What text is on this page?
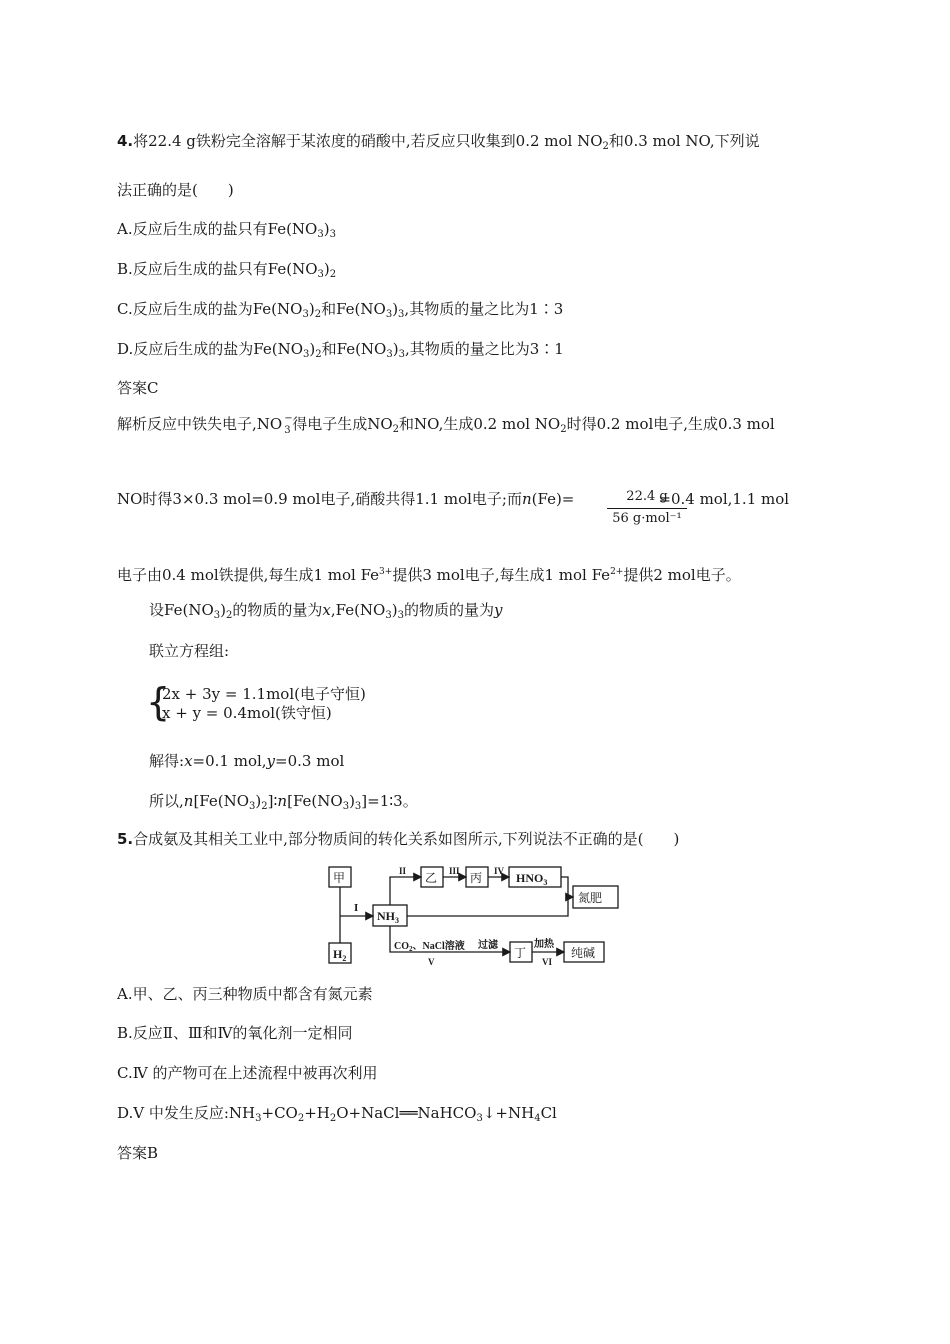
4.将22.4 g铁粉完全溶解于某浓度的硝酸中,若反应只收集到0.2 mol $NO_2$和0.3 mol NO,下列说
法正确的是(　　)
A.反应后生成的盐只有$Fe(NO_3)_3$
B.反应后生成的盐只有$Fe(NO_3)_2$
C.反应后生成的盐为$Fe(NO_3)_2$和$Fe(NO_3)_3$,其物质的量之比为1∶3
D.反应后生成的盐为$Fe(NO_3)_2$和$Fe(NO_3)_3$,其物质的量之比为3∶1
答案C
解析反应中铁失电子,NO −
3 得电子生成$NO_2$和NO,生成0.2 mol $NO_2$时得0.2 mol电子,生成0.3 mol
NO时得3×0.3 mol=0.9 mol电子,硝酸共得1.1 mol电子;而n(Fe)=	=0.4 mol,1.1 mol
22.4 g
56 g·mol⁻¹
电子由0.4 mol铁提供,每生成1 mol $Fe^{3+}$提供3 mol电子,每生成1 mol $Fe^{2+}$提供2 mol电子。
设$Fe(NO_3)_2$的物质的量为$x,Fe(NO_3)_3$的物质的量为y
联立方程组:
{
2x + 3y = 1.1mol(电子守恒)
x + y = 0.4mol(铁守恒)
解得:x=0.1 mol,y=0.3 mol
所以$,n[Fe(NO_3)_2]∶n[Fe(NO_3)_3]=1∶3$。
5.合成氨及其相关工业中,部分物质间的转化关系如图所示,下列说法不正确的是(　　)
甲
$H_2$
$NH_3$
乙	丙	$HNO_3$
氮肥
丁	纯碱
I
II	III	IV
$CO_2$、NaCl溶液 过滤
V
加热
VI
A.甲、乙、丙三种物质中都含有氮元素
B.反应Ⅱ、Ⅲ和Ⅳ的氧化剂一定相同
C.Ⅳ 的产物可在上述流程中被再次利用
D.Ⅴ 中发生反应$:NH_3+CO_2+H_2O+NaCl══NaHCO_3↓+NH_4Cl$
答案B
